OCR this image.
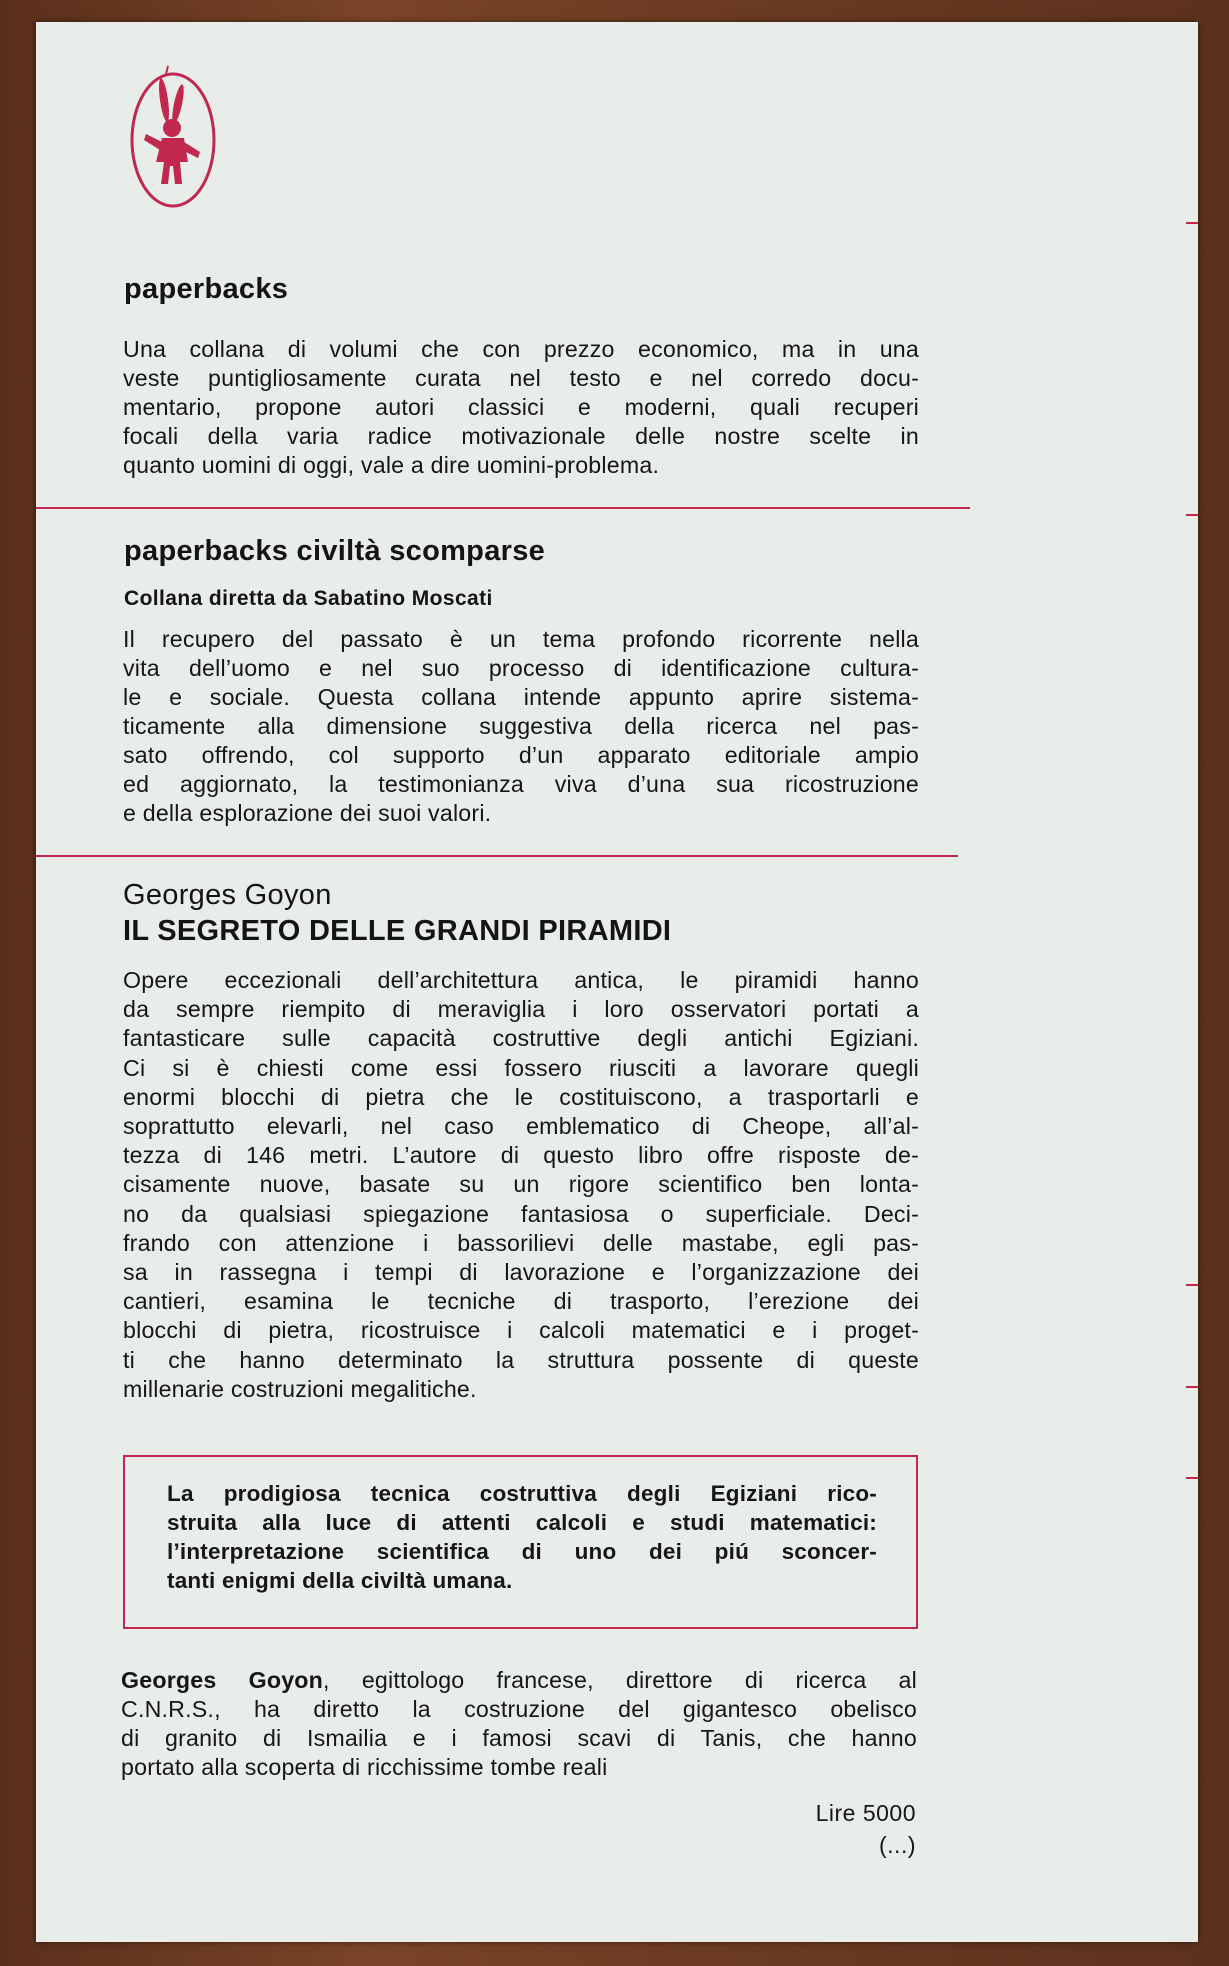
paperbacks
Una collana di volumi che con prezzo economico, ma in una
veste puntigliosamente curata nel testo e nel corredo docu-
mentario, propone autori classici e moderni, quali recuperi
focali della varia radice motivazionale delle nostre scelte in
quanto uomini di oggi, vale a dire uomini-problema.
paperbacks civiltà scomparse
Collana diretta da Sabatino Moscati
Il recupero del passato è un tema profondo ricorrente nella
vita dell’uomo e nel suo processo di identificazione cultura-
le e sociale. Questa collana intende appunto aprire sistema-
ticamente alla dimensione suggestiva della ricerca nel pas-
sato offrendo, col supporto d’un apparato editoriale ampio
ed aggiornato, la testimonianza viva d’una sua ricostruzione
e della esplorazione dei suoi valori.
Georges Goyon
IL SEGRETO DELLE GRANDI PIRAMIDI
Opere eccezionali dell’architettura antica, le piramidi hanno
da sempre riempito di meraviglia i loro osservatori portati a
fantasticare sulle capacità costruttive degli antichi Egiziani.
Ci si è chiesti come essi fossero riusciti a lavorare quegli
enormi blocchi di pietra che le costituiscono, a trasportarli e
soprattutto elevarli, nel caso emblematico di Cheope, all’al-
tezza di 146 metri. L’autore di questo libro offre risposte de-
cisamente nuove, basate su un rigore scientifico ben lonta-
no da qualsiasi spiegazione fantasiosa o superficiale. Deci-
frando con attenzione i bassorilievi delle mastabe, egli pas-
sa in rassegna i tempi di lavorazione e l’organizzazione dei
cantieri, esamina le tecniche di trasporto, l’erezione dei
blocchi di pietra, ricostruisce i calcoli matematici e i proget-
ti che hanno determinato la struttura possente di queste
millenarie costruzioni megalitiche.
La prodigiosa tecnica costruttiva degli Egiziani rico-
struita alla luce di attenti calcoli e studi matematici:
l’interpretazione scientifica di uno dei piú sconcer-
tanti enigmi della civiltà umana.
Georges Goyon, egittologo francese, direttore di ricerca al
C.N.R.S., ha diretto la costruzione del gigantesco obelisco
di granito di Ismailia e i famosi scavi di Tanis, che hanno
portato alla scoperta di ricchissime tombe reali
Lire 5000
(...)
